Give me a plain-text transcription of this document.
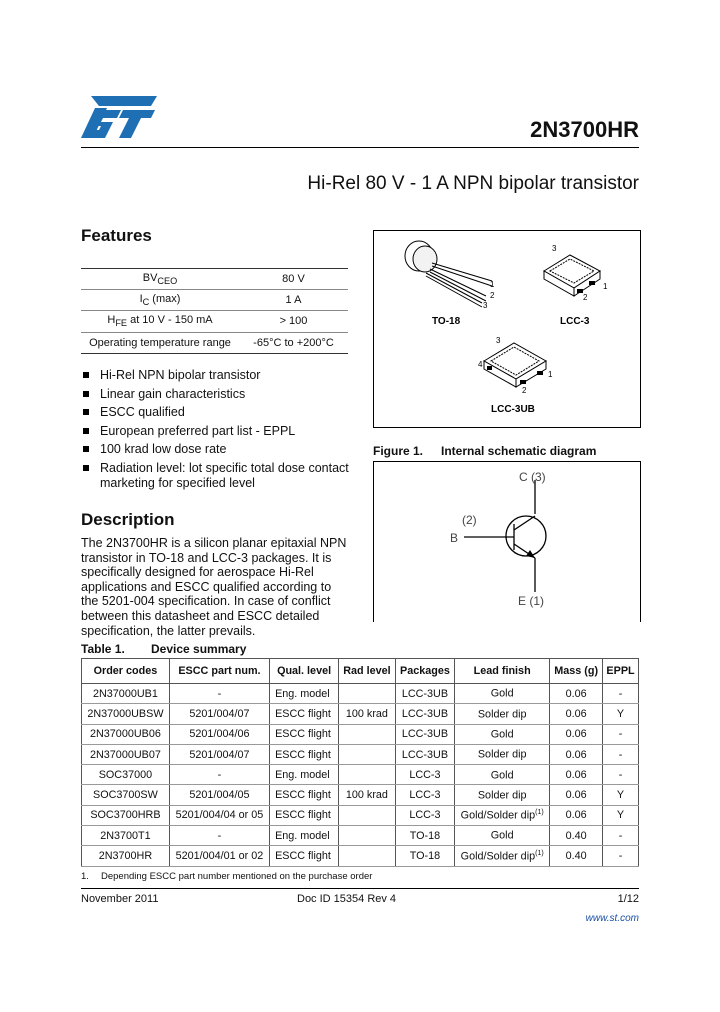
2N3700HR
Hi-Rel 80 V - 1 A NPN bipolar transistor
Features
$BV_{CEO}$	80 V
$I_C$ (max)	1 A
$H_{FE}$ at 10 V - 150 mA	> 100
Operating temperature range	-65°C to +200°C
Hi-Rel NPN bipolar transistor
Linear gain characteristics
ESCC qualified
European preferred part list - EPPL
100 krad low dose rate
Radiation level: lot specific total dose contact marketing for specified level
Description
The 2N3700HR is a silicon planar epitaxial NPN transistor in TO-18 and LCC-3 packages. It is specifically designed for aerospace Hi-Rel applications and ESCC qualified according to the 5201-004 specification. In case of conflict between this datasheet and ESCC detailed specification, the latter prevails.
1
2
3
TO-18
3
2
1
LCC-3
3
4
2
1
LCC-3UB
Figure 1. Internal schematic diagram
C (3)
(2)
B
E (1)
Table 1. Device summary
Order codes	ESCC part num.	Qual. level	Rad level	Packages	Lead finish	Mass (g)	EPPL
2N37000UB1	-	Eng. model		LCC-3UB	Gold	0.06	-
2N37000UBSW	5201/004/07	ESCC flight	100 krad	LCC-3UB	Solder dip	0.06	Y
2N37000UB06	5201/004/06	ESCC flight		LCC-3UB	Gold	0.06	-
2N37000UB07	5201/004/07	ESCC flight		LCC-3UB	Solder dip	0.06	-
SOC37000	-	Eng. model		LCC-3	Gold	0.06	-
SOC3700SW	5201/004/05	ESCC flight	100 krad	LCC-3	Solder dip	0.06	Y
SOC3700HRB	5201/004/04 or 05	ESCC flight		LCC-3	Gold/Solder dip$^{(1)}$	0.06	Y
2N3700T1	-	Eng. model		TO-18	Gold	0.40	-
2N3700HR	5201/004/01 or 02	ESCC flight		TO-18	Gold/Solder dip$^{(1)}$	0.40	-
1. Depending ESCC part number mentioned on the purchase order
November 2011	Doc ID 15354 Rev 4	1/12
www.st.com
